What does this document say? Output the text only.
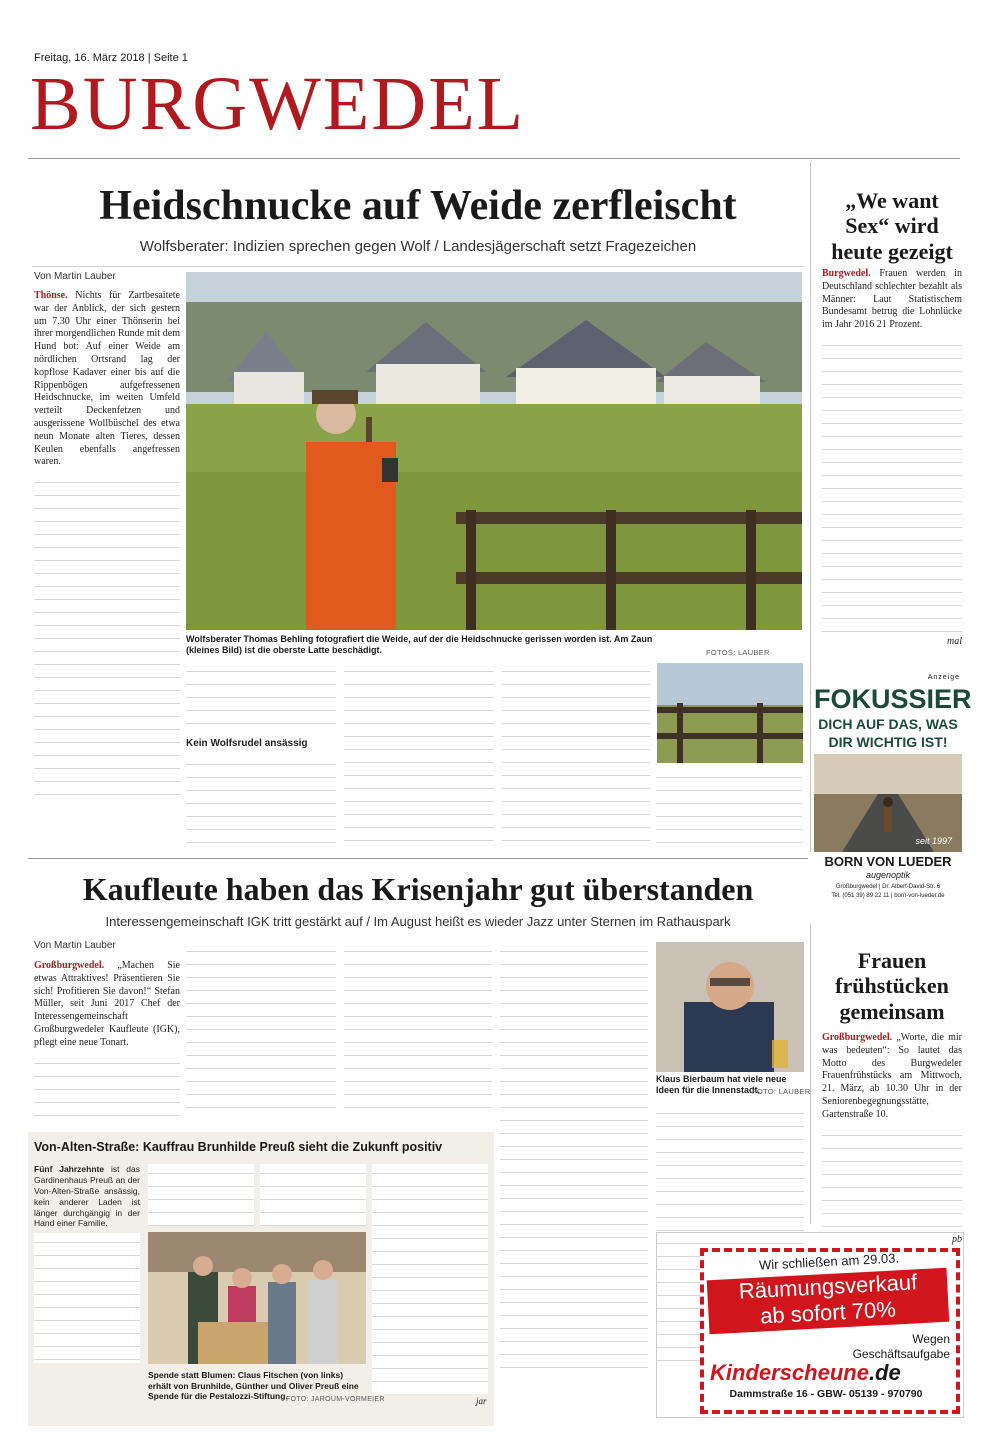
Freitag, 16. März 2018 | Seite 1
BURGWEDEL
Heidschnucke auf Weide zerfleischt
Wolfsberater: Indizien sprechen gegen Wolf / Landesjägerschaft setzt Fragezeichen
Von Martin Lauber
Thönse. Nichts für Zartbesaitete war der Anblick, der sich gestern um 7.30 Uhr einer Thönserin bei ihrer morgendlichen Runde mit dem Hund bot: Auf einer Weide am nördlichen Ortsrand lag der kopflose Kadaver einer bis auf die Rippenbögen aufgefressenen Heidschnucke, im weiten Umfeld verteilt Deckenfetzen und ausgerissene Wollbüschel des etwa neun Monate alten Tieres, dessen Keulen ebenfalls angefressen waren.
Wolfsberater Thomas Behling fotografiert die Weide, auf der die Heidschnucke gerissen worden ist. Am Zaun (kleines Bild) ist die oberste Latte beschädigt.	FOTOS: LAUBER
Kein Wolfsrudel ansässig
„We want Sex“ wird heute gezeigt
Burgwedel. Frauen werden in Deutschland schlechter bezahlt als Männer: Laut Statistischem Bundesamt betrug die Lohnlücke im Jahr 2016 21 Prozent.
mal
Anzeige
FOKUSSIER
DICH AUF DAS, WAS
DIR WICHTIG IST!
seit 1997
BORN VON LUEDER
augenoptik
Großburgwedel | Dr. Albert-David-Str. 6
Tel. (051 39) 89 22 11 | born-von-lueder.de
Kaufleute haben das Krisenjahr gut überstanden
Interessengemeinschaft IGK tritt gestärkt auf / Im August heißt es wieder Jazz unter Sternen im Rathauspark
Von Martin Lauber
Großburgwedel. „Machen Sie etwas Attraktives! Präsentieren Sie sich! Profitieren Sie davon!“ Stefan Müller, seit Juni 2017 Chef der Interessengemeinschaft Großburgwedeler Kaufleute (IGK), pflegt eine neue Tonart.
Klaus Bierbaum hat viele neue Ideen für die Innenstadt.
FOTO: LAUBER
Von-Alten-Straße: Kauffrau Brunhilde Preuß sieht die Zukunft positiv
Fünf Jahrzehnte ist das Gardinenhaus Preuß an der Von-Alten-Straße ansässig, kein anderer Laden ist länger durchgängig in der Hand einer Familie.
jar
Spende statt Blumen: Claus Fitschen (von links) erhält von Brunhilde, Günther und Oliver Preuß eine Spende für die Pestalozzi-Stiftung.
FOTO: JAROUM-VORMEIER
Frauen frühstücken gemeinsam
Großburgwedel. „Worte, die mir was bedeuten“: So lautet das Motto des Burgwedeler Frauenfrühstücks am Mittwoch, 21. März, ab 10.30 Uhr in der Seniorenbegegnungsstätte, Gartenstraße 10.
pb
Wir schließen am 29.03.
Räumungsverkauf
ab sofort 70%
Wegen
Geschäftsaufgabe
Kinderscheune.de
Dammstraße 16 - GBW- 05139 - 970790
